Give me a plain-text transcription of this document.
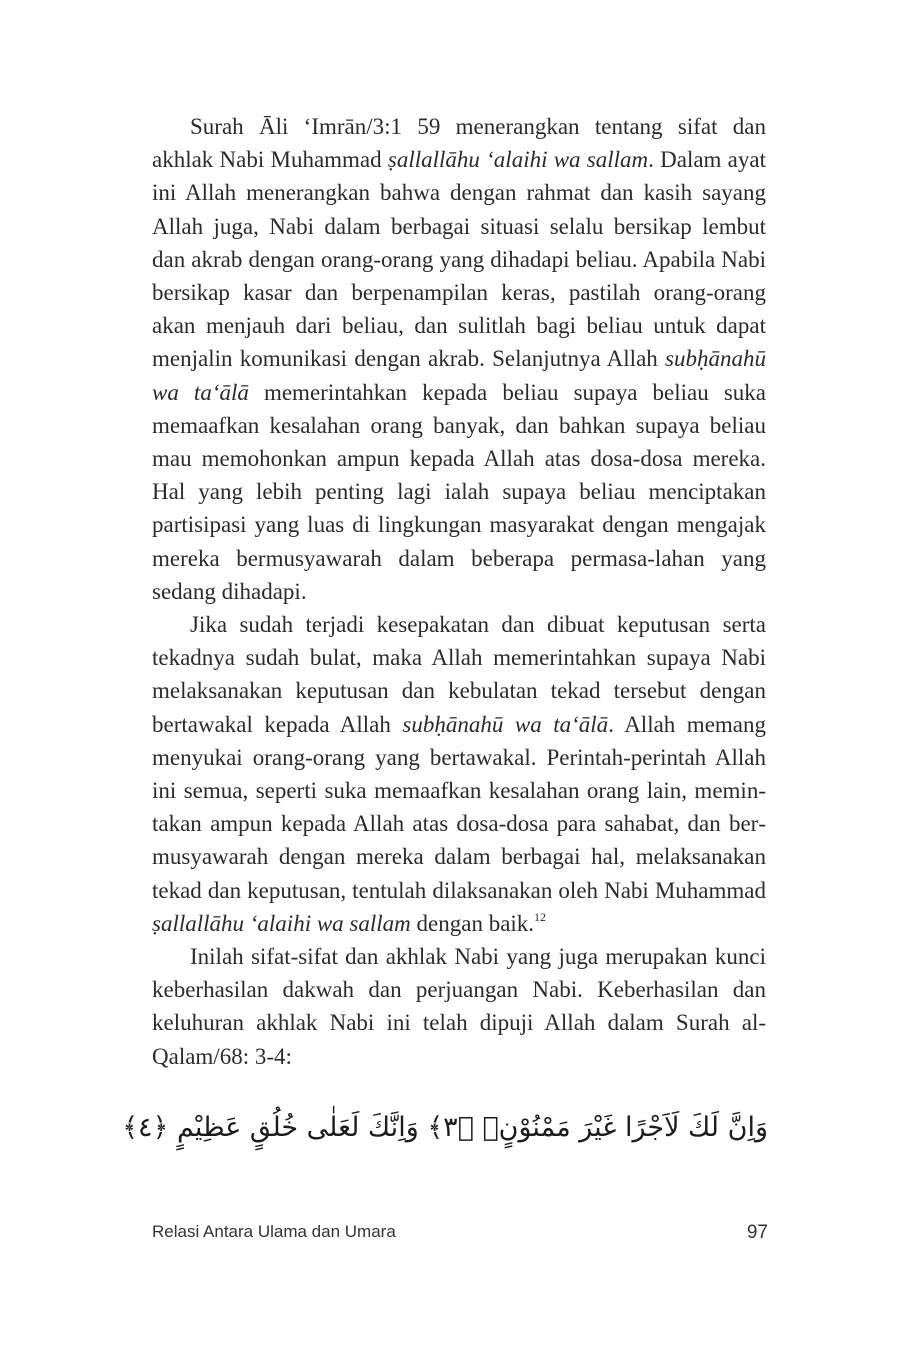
Surah Āli ‘Imrān/3:1 59 menerangkan tentang sifat dan akhlak Nabi Muhammad ṣallallāhu ‘alaihi wa sallam. Dalam ayat ini Allah menerangkan bahwa dengan rahmat dan kasih sayang Allah juga, Nabi dalam berbagai situasi selalu bersikap lembut dan akrab dengan orang-orang yang dihadapi beliau. Apabila Nabi bersikap kasar dan berpenampilan keras, pastilah orang-orang akan menjauh dari beliau, dan sulitlah bagi beliau untuk dapat menjalin komunikasi dengan akrab. Selanjutnya Allah subḥānahū wa ta‘ālā memerintahkan kepada beliau supaya beliau suka memaafkan kesalahan orang banyak, dan bahkan supaya beliau mau memohonkan ampun kepada Allah atas dosa-dosa mereka. Hal yang lebih penting lagi ialah supaya beliau menciptakan partisipasi yang luas di lingkungan masyarakat dengan mengajak mereka bermusyawarah dalam beberapa permasa-lahan yang sedang dihadapi.

Jika sudah terjadi kesepakatan dan dibuat keputusan serta tekadnya sudah bulat, maka Allah memerintahkan supaya Nabi melaksanakan keputusan dan kebulatan tekad tersebut dengan bertawakal kepada Allah subḥānahū wa ta‘ālā. Allah memang menyukai orang-orang yang bertawakal. Perintah-perintah Allah ini semua, seperti suka memaafkan kesalahan orang lain, memintakan ampun kepada Allah atas dosa-dosa para sahabat, dan bermusyawarah dengan mereka dalam berbagai hal, melaksanakan tekad dan keputusan, tentulah dilaksanakan oleh Nabi Muhammad ṣallallāhu ‘alaihi wa sallam dengan baik.$^{12}$

Inilah sifat-sifat dan akhlak Nabi yang juga merupakan kunci keberhasilan dakwah dan perjuangan Nabi. Keberhasilan dan keluhuran akhlak Nabi ini telah dipuji Allah dalam Surah al-Qalam/68: 3-4:

وَاِنَّ لَكَ لَاَجْرًا غَيْرَ مَمْنُوْنٍۚ ﴿٣﴾ وَاِنَّكَ لَعَلٰى خُلُقٍ عَظِيْمٍ ﴿٤﴾
Relasi Antara Ulama dan Umara	97
